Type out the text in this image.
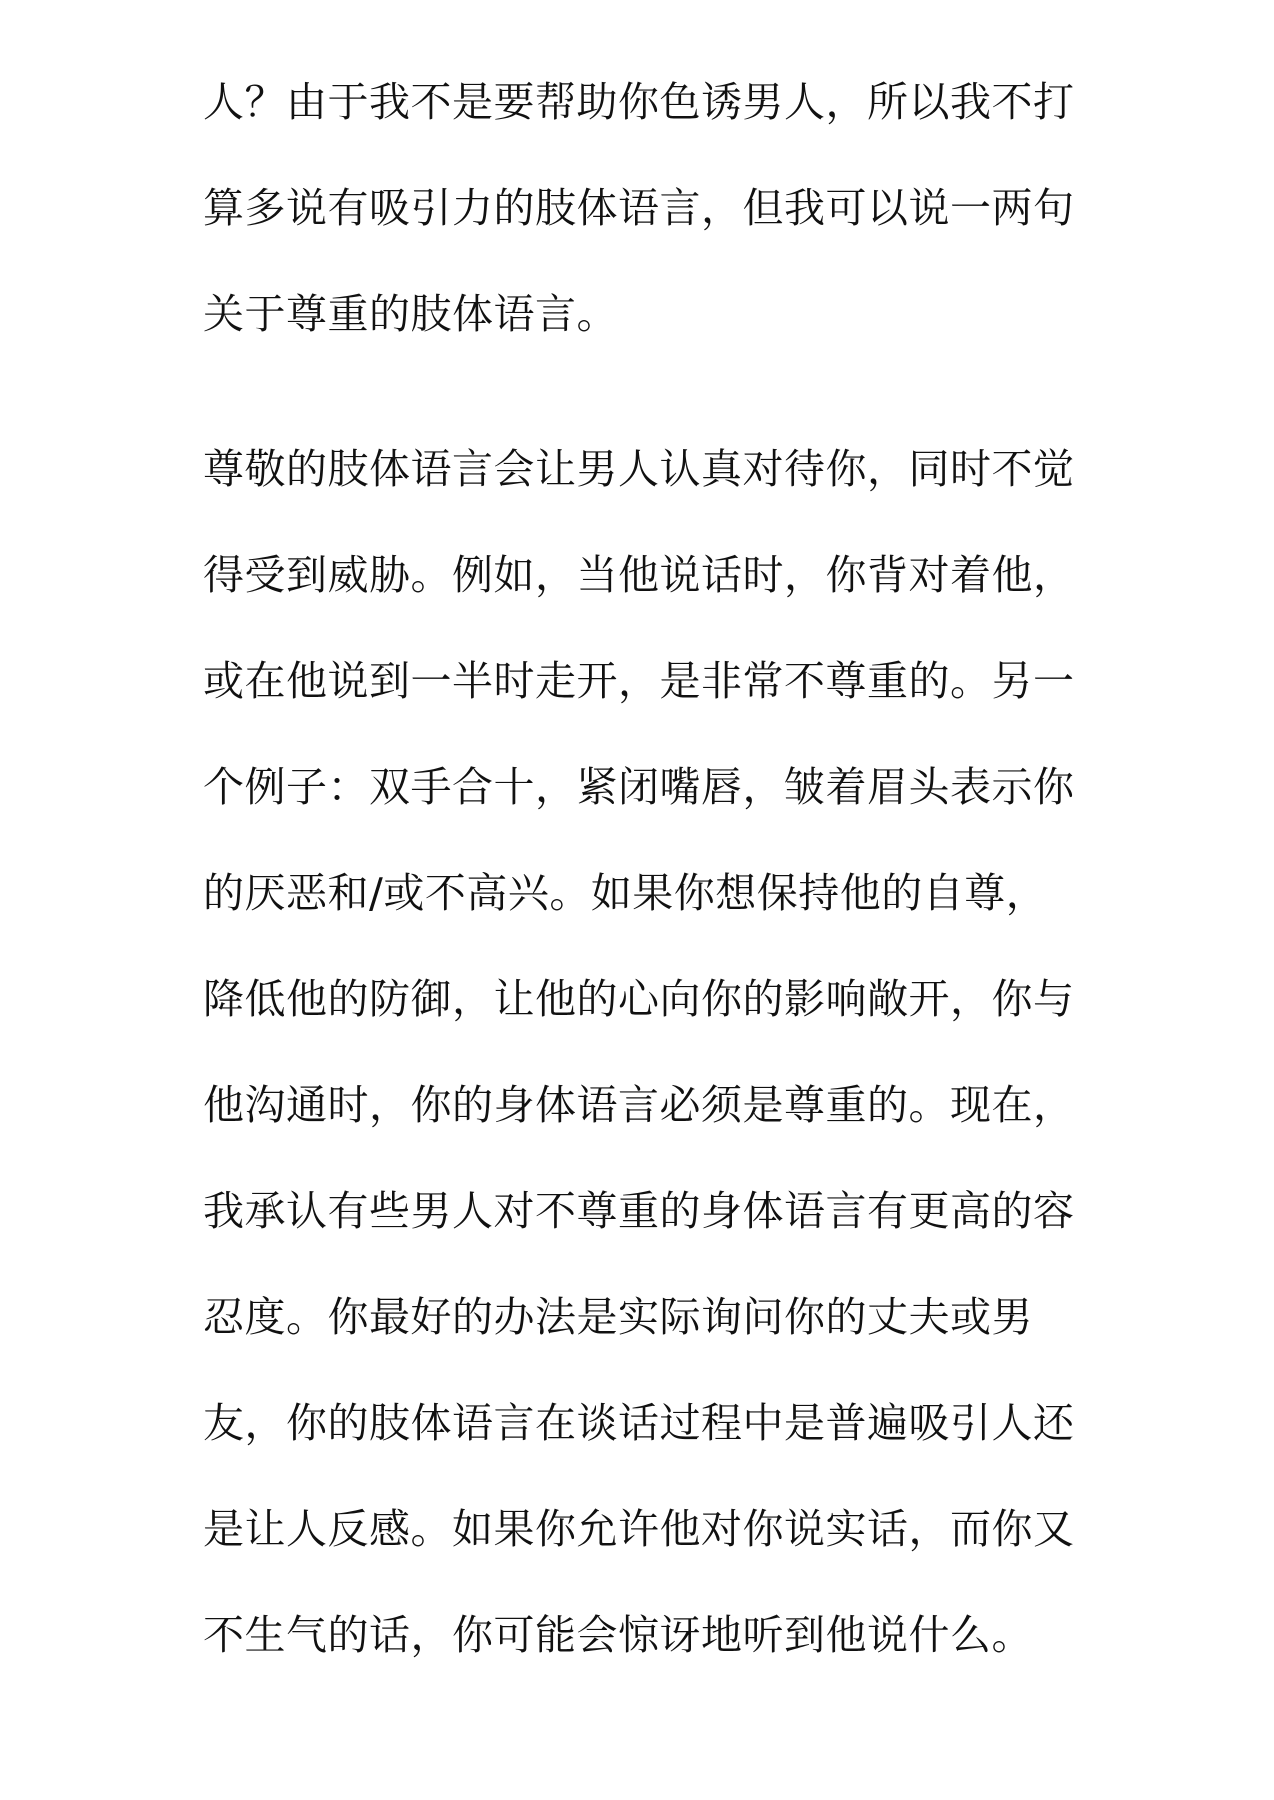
人？由于我不是要帮助你色诱男人，所以我不打
算多说有吸引力的肢体语言，但我可以说一两句
关于尊重的肢体语言。
尊敬的肢体语言会让男人认真对待你，同时不觉
得受到威胁。例如，当他说话时，你背对着他，
或在他说到一半时走开，是非常不尊重的。另一
个例子：双手合十，紧闭嘴唇，皱着眉头表示你
的厌恶和/或不高兴。如果你想保持他的自尊，
降低他的防御，让他的心向你的影响敞开，你与
他沟通时，你的身体语言必须是尊重的。现在，
我承认有些男人对不尊重的身体语言有更高的容
忍度。你最好的办法是实际询问你的丈夫或男
友，你的肢体语言在谈话过程中是普遍吸引人还
是让人反感。如果你允许他对你说实话，而你又
不生气的话，你可能会惊讶地听到他说什么。
